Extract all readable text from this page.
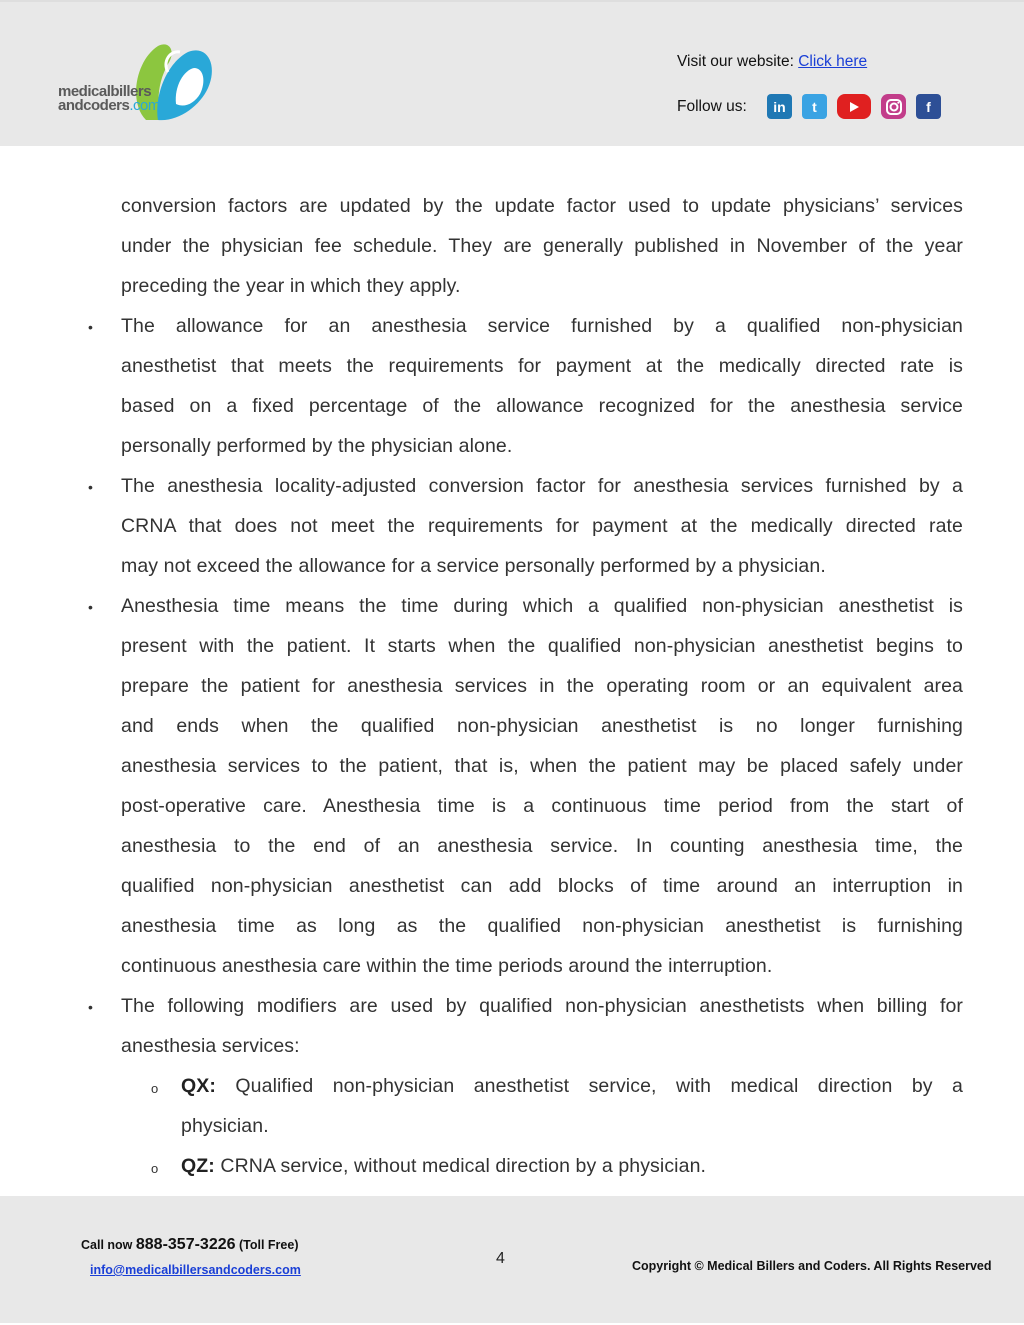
medicalbillers
andcoders.com
Visit our website: Click here
Follow us:	in	t	f
conversion factors are updated by the update factor used to update physicians’ services
under the physician fee schedule. They are generally published in November of the year
preceding the year in which they apply.
• The allowance for an anesthesia service furnished by a qualified non-physician
anesthetist that meets the requirements for payment at the medically directed rate is
based on a fixed percentage of the allowance recognized for the anesthesia service
personally performed by the physician alone.
• The anesthesia locality-adjusted conversion factor for anesthesia services furnished by a
CRNA that does not meet the requirements for payment at the medically directed rate
may not exceed the allowance for a service personally performed by a physician.
• Anesthesia time means the time during which a qualified non-physician anesthetist is
present with the patient. It starts when the qualified non-physician anesthetist begins to
prepare the patient for anesthesia services in the operating room or an equivalent area
and ends when the qualified non-physician anesthetist is no longer furnishing
anesthesia services to the patient, that is, when the patient may be placed safely under
post-operative care. Anesthesia time is a continuous time period from the start of
anesthesia to the end of an anesthesia service. In counting anesthesia time, the
qualified non-physician anesthetist can add blocks of time around an interruption in
anesthesia time as long as the qualified non-physician anesthetist is furnishing
continuous anesthesia care within the time periods around the interruption.
• The following modifiers are used by qualified non-physician anesthetists when billing for
anesthesia services:
o QX: Qualified non-physician anesthetist service, with medical direction by a
physician.
o QZ: CRNA service, without medical direction by a physician.
Call now 888-357-3226 (Toll Free)
info@medicalbillersandcoders.com
4	Copyright © Medical Billers and Coders. All Rights Reserved
